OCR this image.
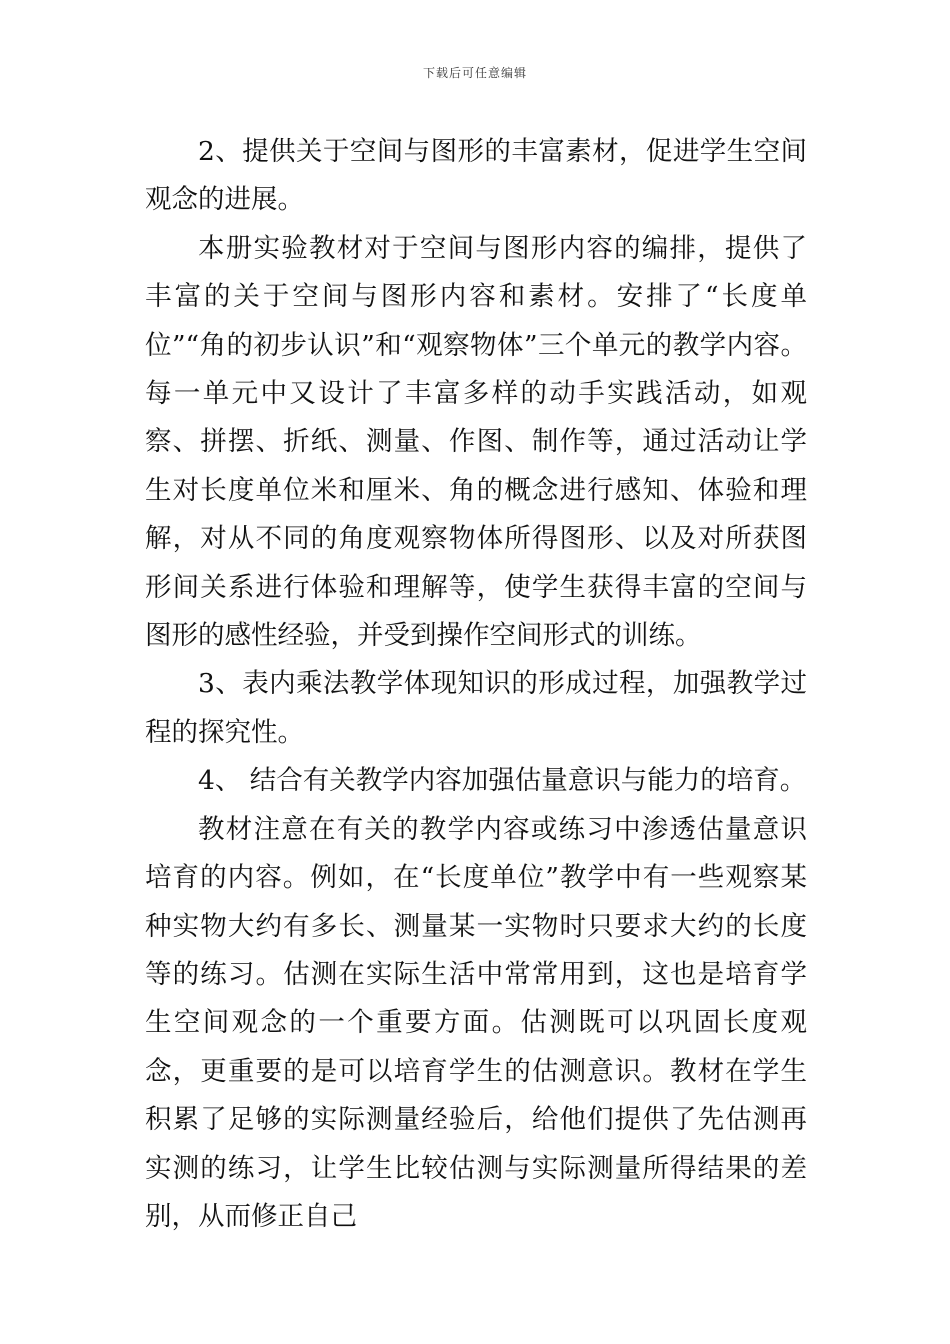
下载后可任意编辑

2、提供关于空间与图形的丰富素材，促进学生空间观念的进展。

本册实验教材对于空间与图形内容的编排，提供了丰富的关于空间与图形内容和素材。安排了“长度单位”“角的初步认识”和“观察物体”三个单元的教学内容。每一单元中又设计了丰富多样的动手实践活动，如观察、拼摆、折纸、测量、作图、制作等，通过活动让学生对长度单位米和厘米、角的概念进行感知、体验和理解，对从不同的角度观察物体所得图形、以及对所获图形间关系进行体验和理解等，使学生获得丰富的空间与图形的感性经验，并受到操作空间形式的训练。

3、表内乘法教学体现知识的形成过程，加强教学过程的探究性。

4、 结合有关教学内容加强估量意识与能力的培育。

教材注意在有关的教学内容或练习中渗透估量意识培育的内容。例如，在“长度单位”教学中有一些观察某种实物大约有多长、测量某一实物时只要求大约的长度等的练习。估测在实际生活中常常用到，这也是培育学生空间观念的一个重要方面。估测既可以巩固长度观念，更重要的是可以培育学生的估测意识。教材在学生积累了足够的实际测量经验后，给他们提供了先估测再实测的练习，让学生比较估测与实际测量所得结果的差别，从而修正自己
